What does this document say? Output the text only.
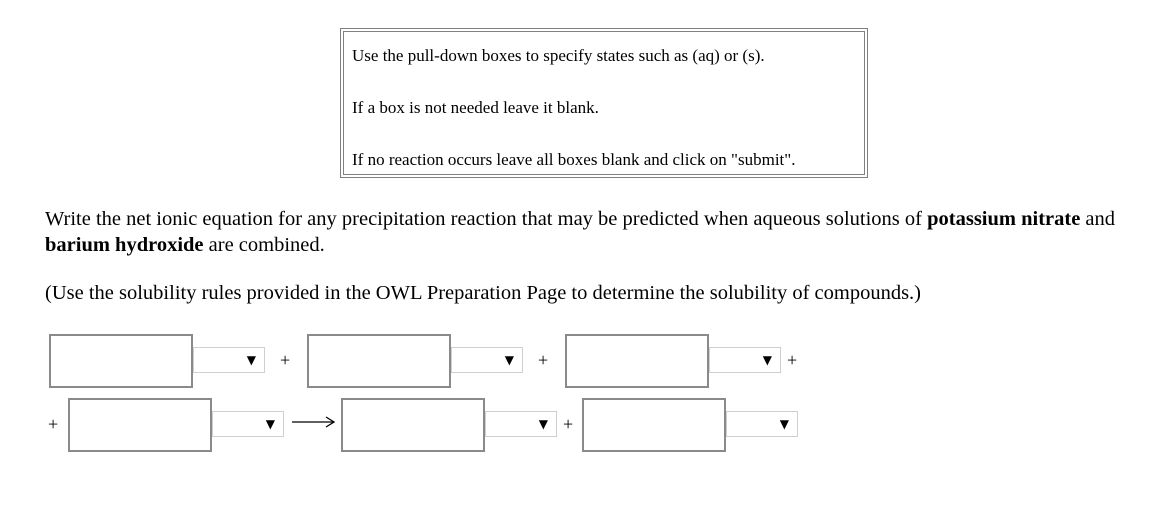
Use the pull-down boxes to specify states such as (aq) or (s).
If a box is not needed leave it blank.
If no reaction occurs leave all boxes blank and click on "submit".
Write the net ionic equation for any precipitation reaction that may be predicted when aqueous solutions of potassium nitrate and barium hydroxide are combined.
(Use the solubility rules provided in the OWL Preparation Page to determine the solubility of compounds.)
▼ +	▼ +	▼ +
+	▼ →	▼ +	▼
